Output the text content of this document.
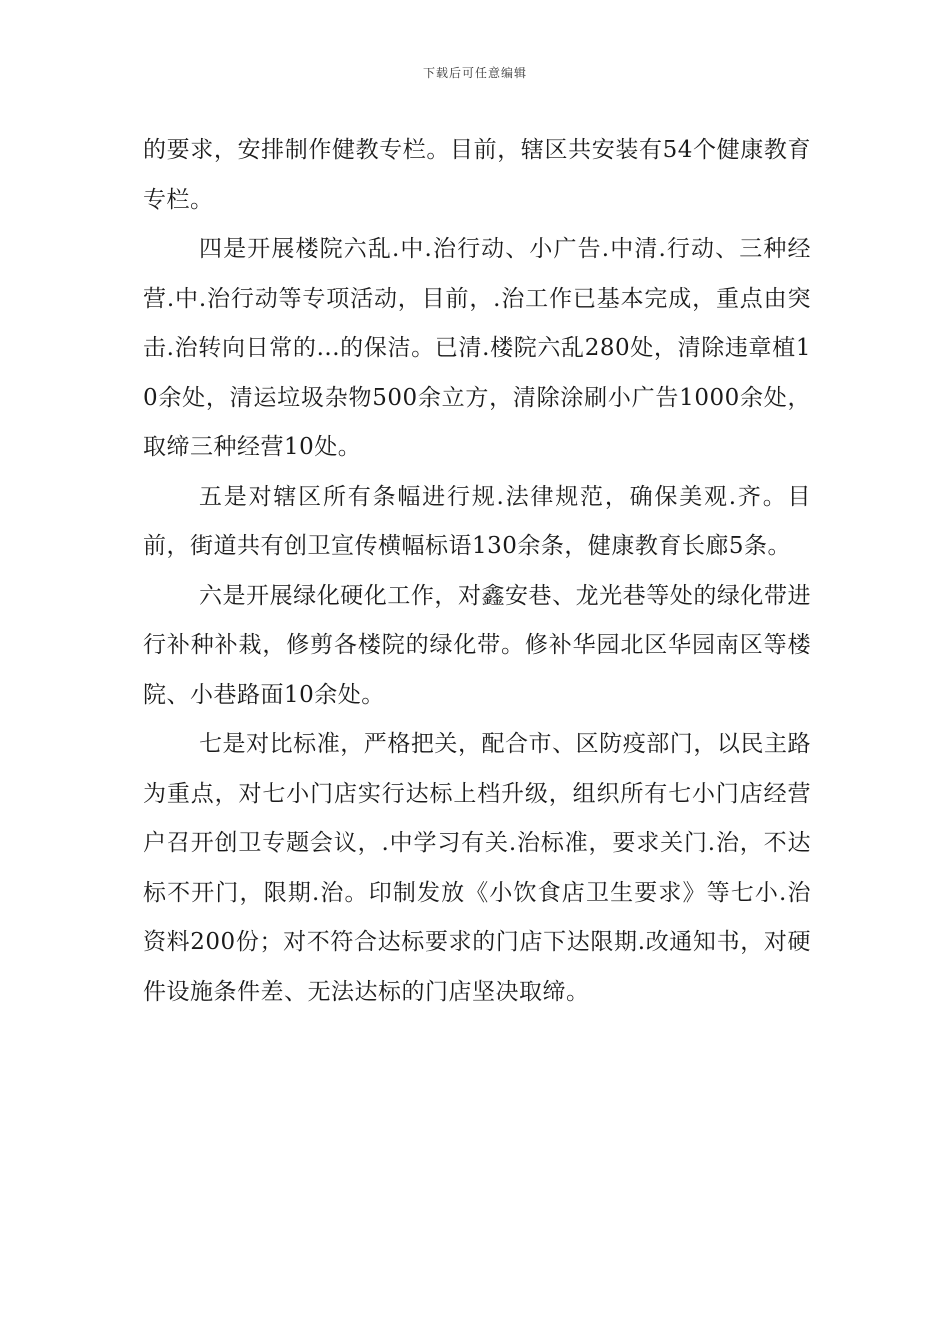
下载后可任意编辑

的要求，安排制作健教专栏。目前，辖区共安装有54个健康教育专栏。

四是开展楼院六乱.中.治行动、小广告.中清.行动、三种经营.中.治行动等专项活动，目前，.治工作已基本完成，重点由突击.治转向日常的...的保洁。已清.楼院六乱280处，清除违章植10余处，清运垃圾杂物500余立方，清除涂刷小广告1000余处，取缔三种经营10处。

五是对辖区所有条幅进行规.法律规范，确保美观.齐。目前，街道共有创卫宣传横幅标语130余条，健康教育长廊5条。

六是开展绿化硬化工作，对鑫安巷、龙光巷等处的绿化带进行补种补栽，修剪各楼院的绿化带。修补华园北区华园南区等楼院、小巷路面10余处。

七是对比标准，严格把关，配合市、区防疫部门，以民主路为重点，对七小门店实行达标上档升级，组织所有七小门店经营户召开创卫专题会议，.中学习有关.治标准，要求关门.治，不达标不开门，限期.治。印制发放《小饮食店卫生要求》等七小.治资料200份；对不符合达标要求的门店下达限期.改通知书，对硬件设施条件差、无法达标的门店坚决取缔。
